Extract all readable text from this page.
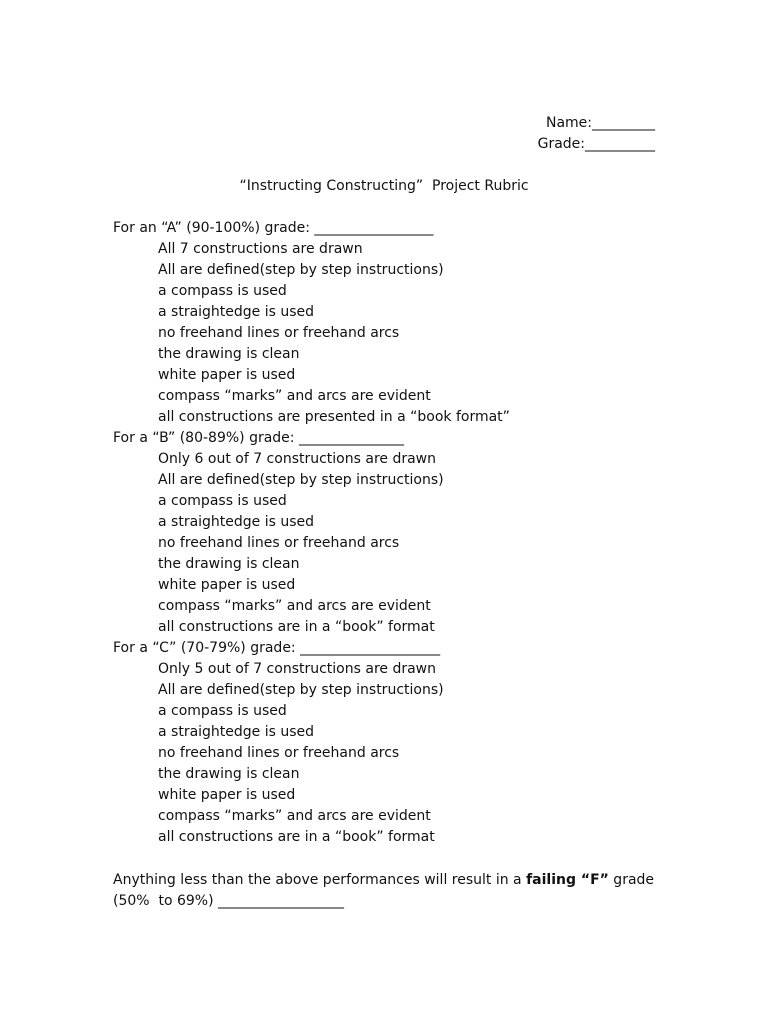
Name:_________
Grade:__________
“Instructing Constructing”  Project Rubric
For an “A” (90-100%) grade: _________________
All 7 constructions are drawn
All are defined(step by step instructions)
a compass is used
a straightedge is used
no freehand lines or freehand arcs
the drawing is clean
white paper is used
compass “marks” and arcs are evident
all constructions are presented in a “book format”
For a “B” (80-89%) grade: _______________
Only 6 out of 7 constructions are drawn
All are defined(step by step instructions)
a compass is used
a straightedge is used
no freehand lines or freehand arcs
the drawing is clean
white paper is used
compass “marks” and arcs are evident
all constructions are in a “book” format
For a “C” (70-79%) grade: ____________________
Only 5 out of 7 constructions are drawn
All are defined(step by step instructions)
a compass is used
a straightedge is used
no freehand lines or freehand arcs
the drawing is clean
white paper is used
compass “marks” and arcs are evident
all constructions are in a “book” format
Anything less than the above performances will result in a failing “F” grade
(50%  to 69%) __________________
